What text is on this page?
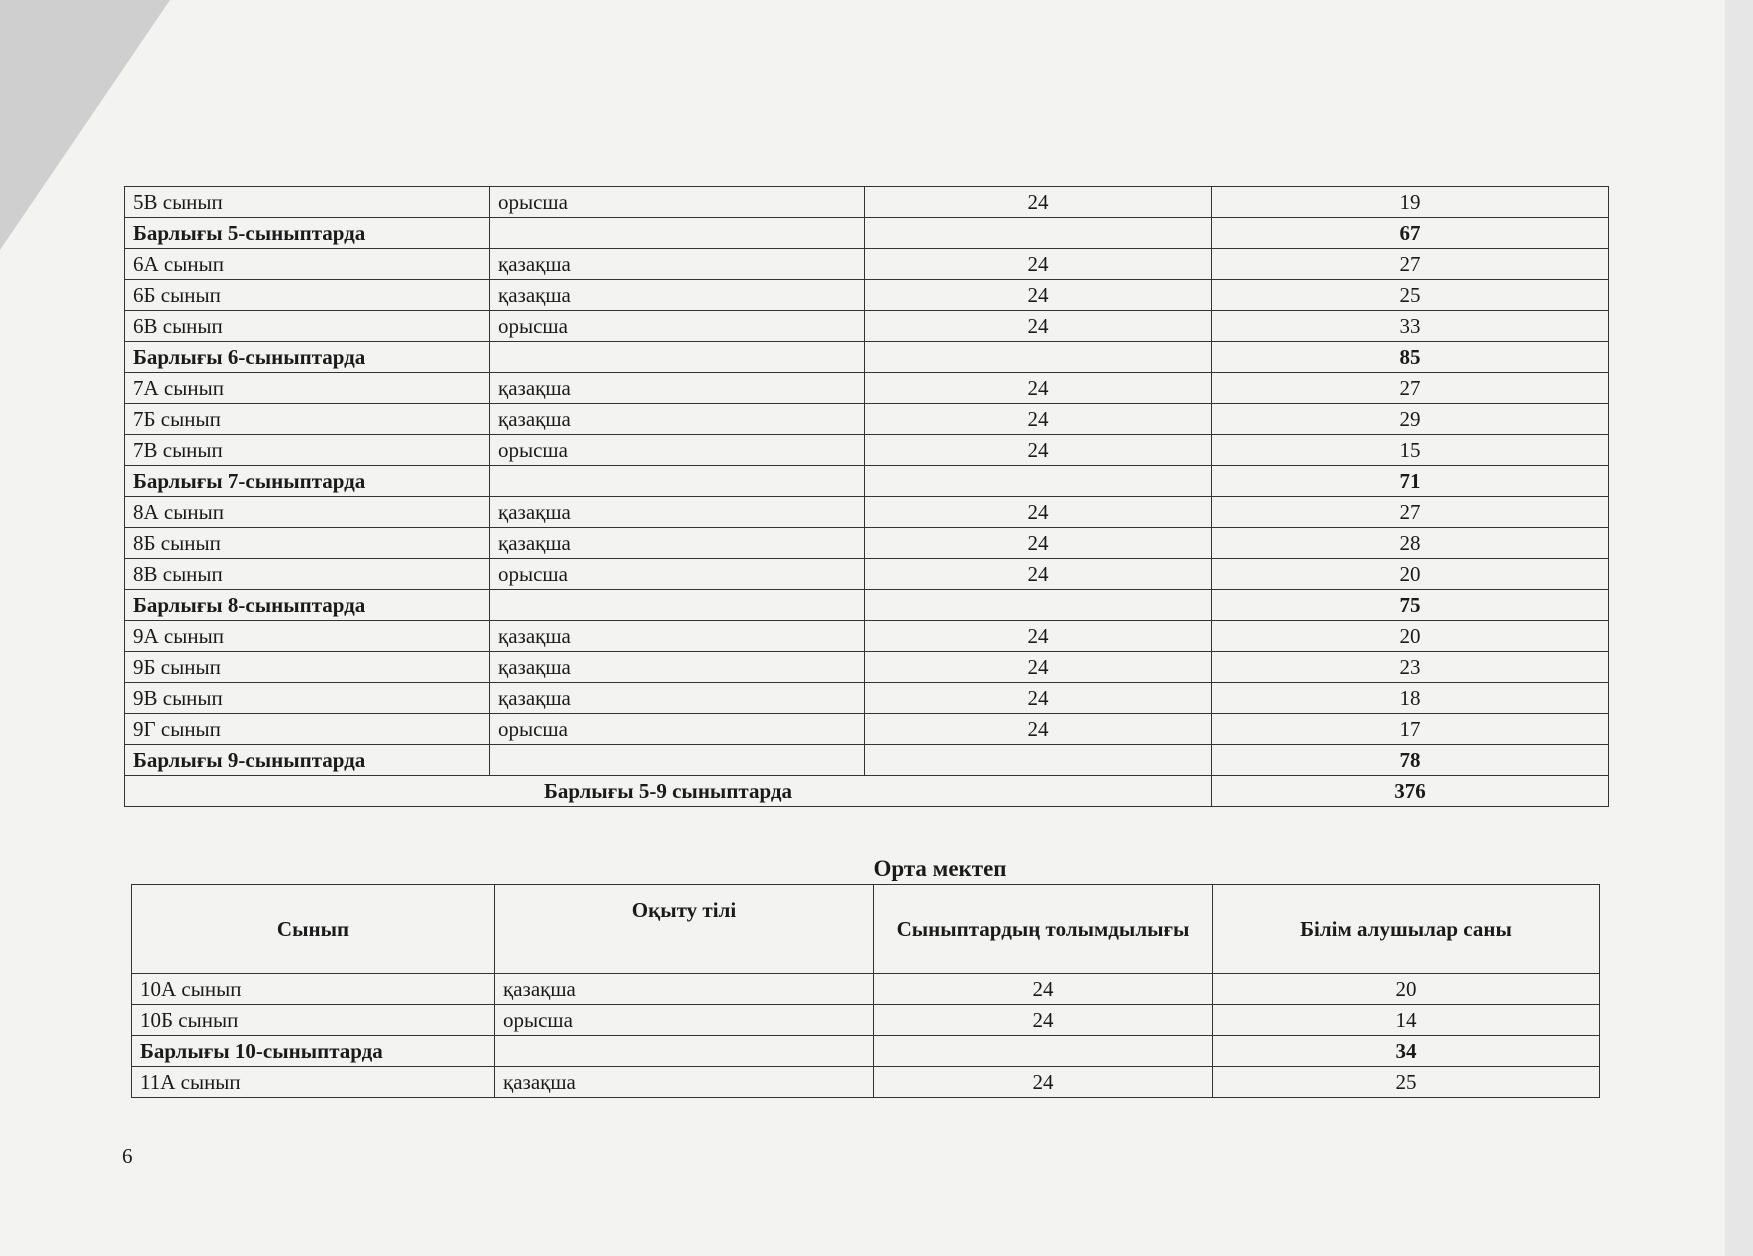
5В сынып	орысша	24	19
Барлығы 5-сыныптарда			67
6А сынып	қазақша	24	27
6Б сынып	қазақша	24	25
6В сынып	орысша	24	33
Барлығы 6-сыныптарда			85
7А сынып	қазақша	24	27
7Б сынып	қазақша	24	29
7В сынып	орысша	24	15
Барлығы 7-сыныптарда			71
8А сынып	қазақша	24	27
8Б сынып	қазақша	24	28
8В сынып	орысша	24	20
Барлығы 8-сыныптарда			75
9А сынып	қазақша	24	20
9Б сынып	қазақша	24	23
9В сынып	қазақша	24	18
9Г сынып	орысша	24	17
Барлығы 9-сыныптарда			78
Барлығы 5-9 сыныптарда			376
Орта мектеп
Сынып	Оқыту тілі	Сыныптардың толымдылығы	Білім алушылар саны
10А сынып	қазақша	24	20
10Б сынып	орысша	24	14
Барлығы 10-сыныптарда			34
11А сынып	қазақша	24	25
6
